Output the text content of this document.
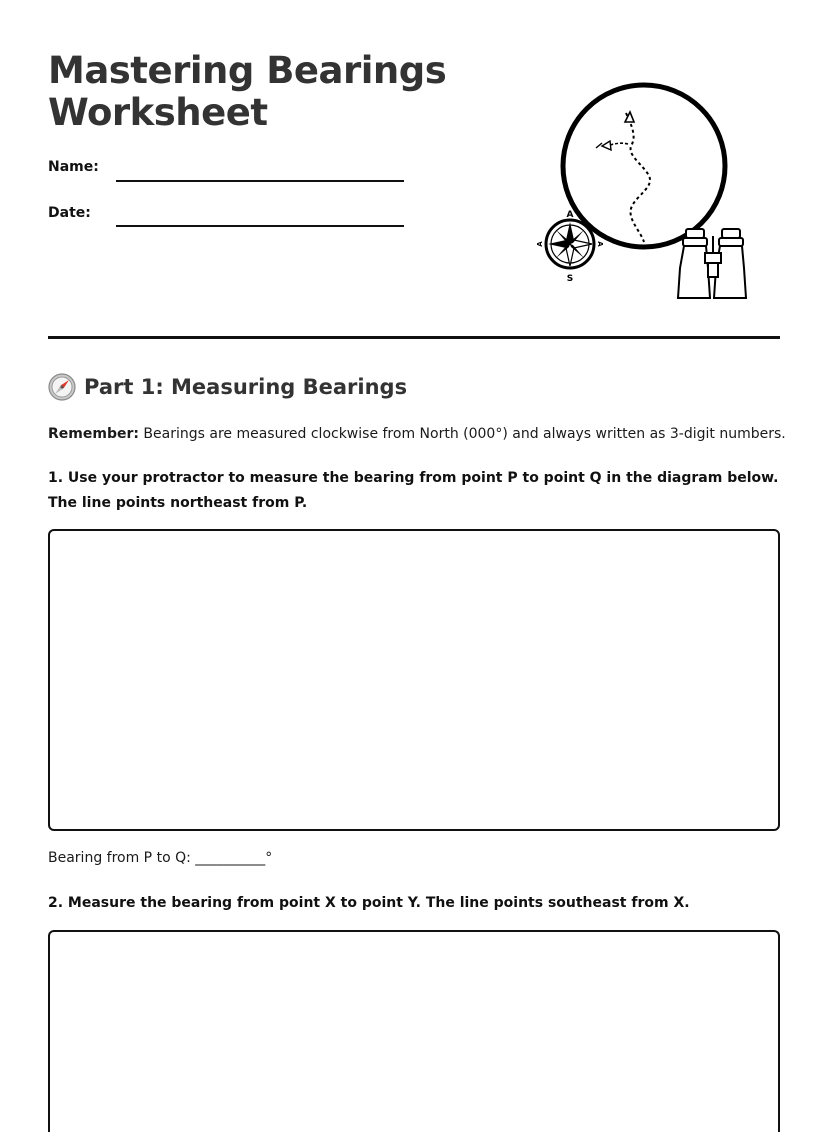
Mastering Bearings
Worksheet
Name:
Date:	A
S
A
A
Part 1: Measuring Bearings

Remember: Bearings are measured clockwise from North (000°) and always written as 3-digit numbers.

1. Use your protractor to measure the bearing from point P to point Q in the diagram below. The line points northeast from P.

Bearing from P to Q: __________°

2. Measure the bearing from point X to point Y. The line points southeast from X.
